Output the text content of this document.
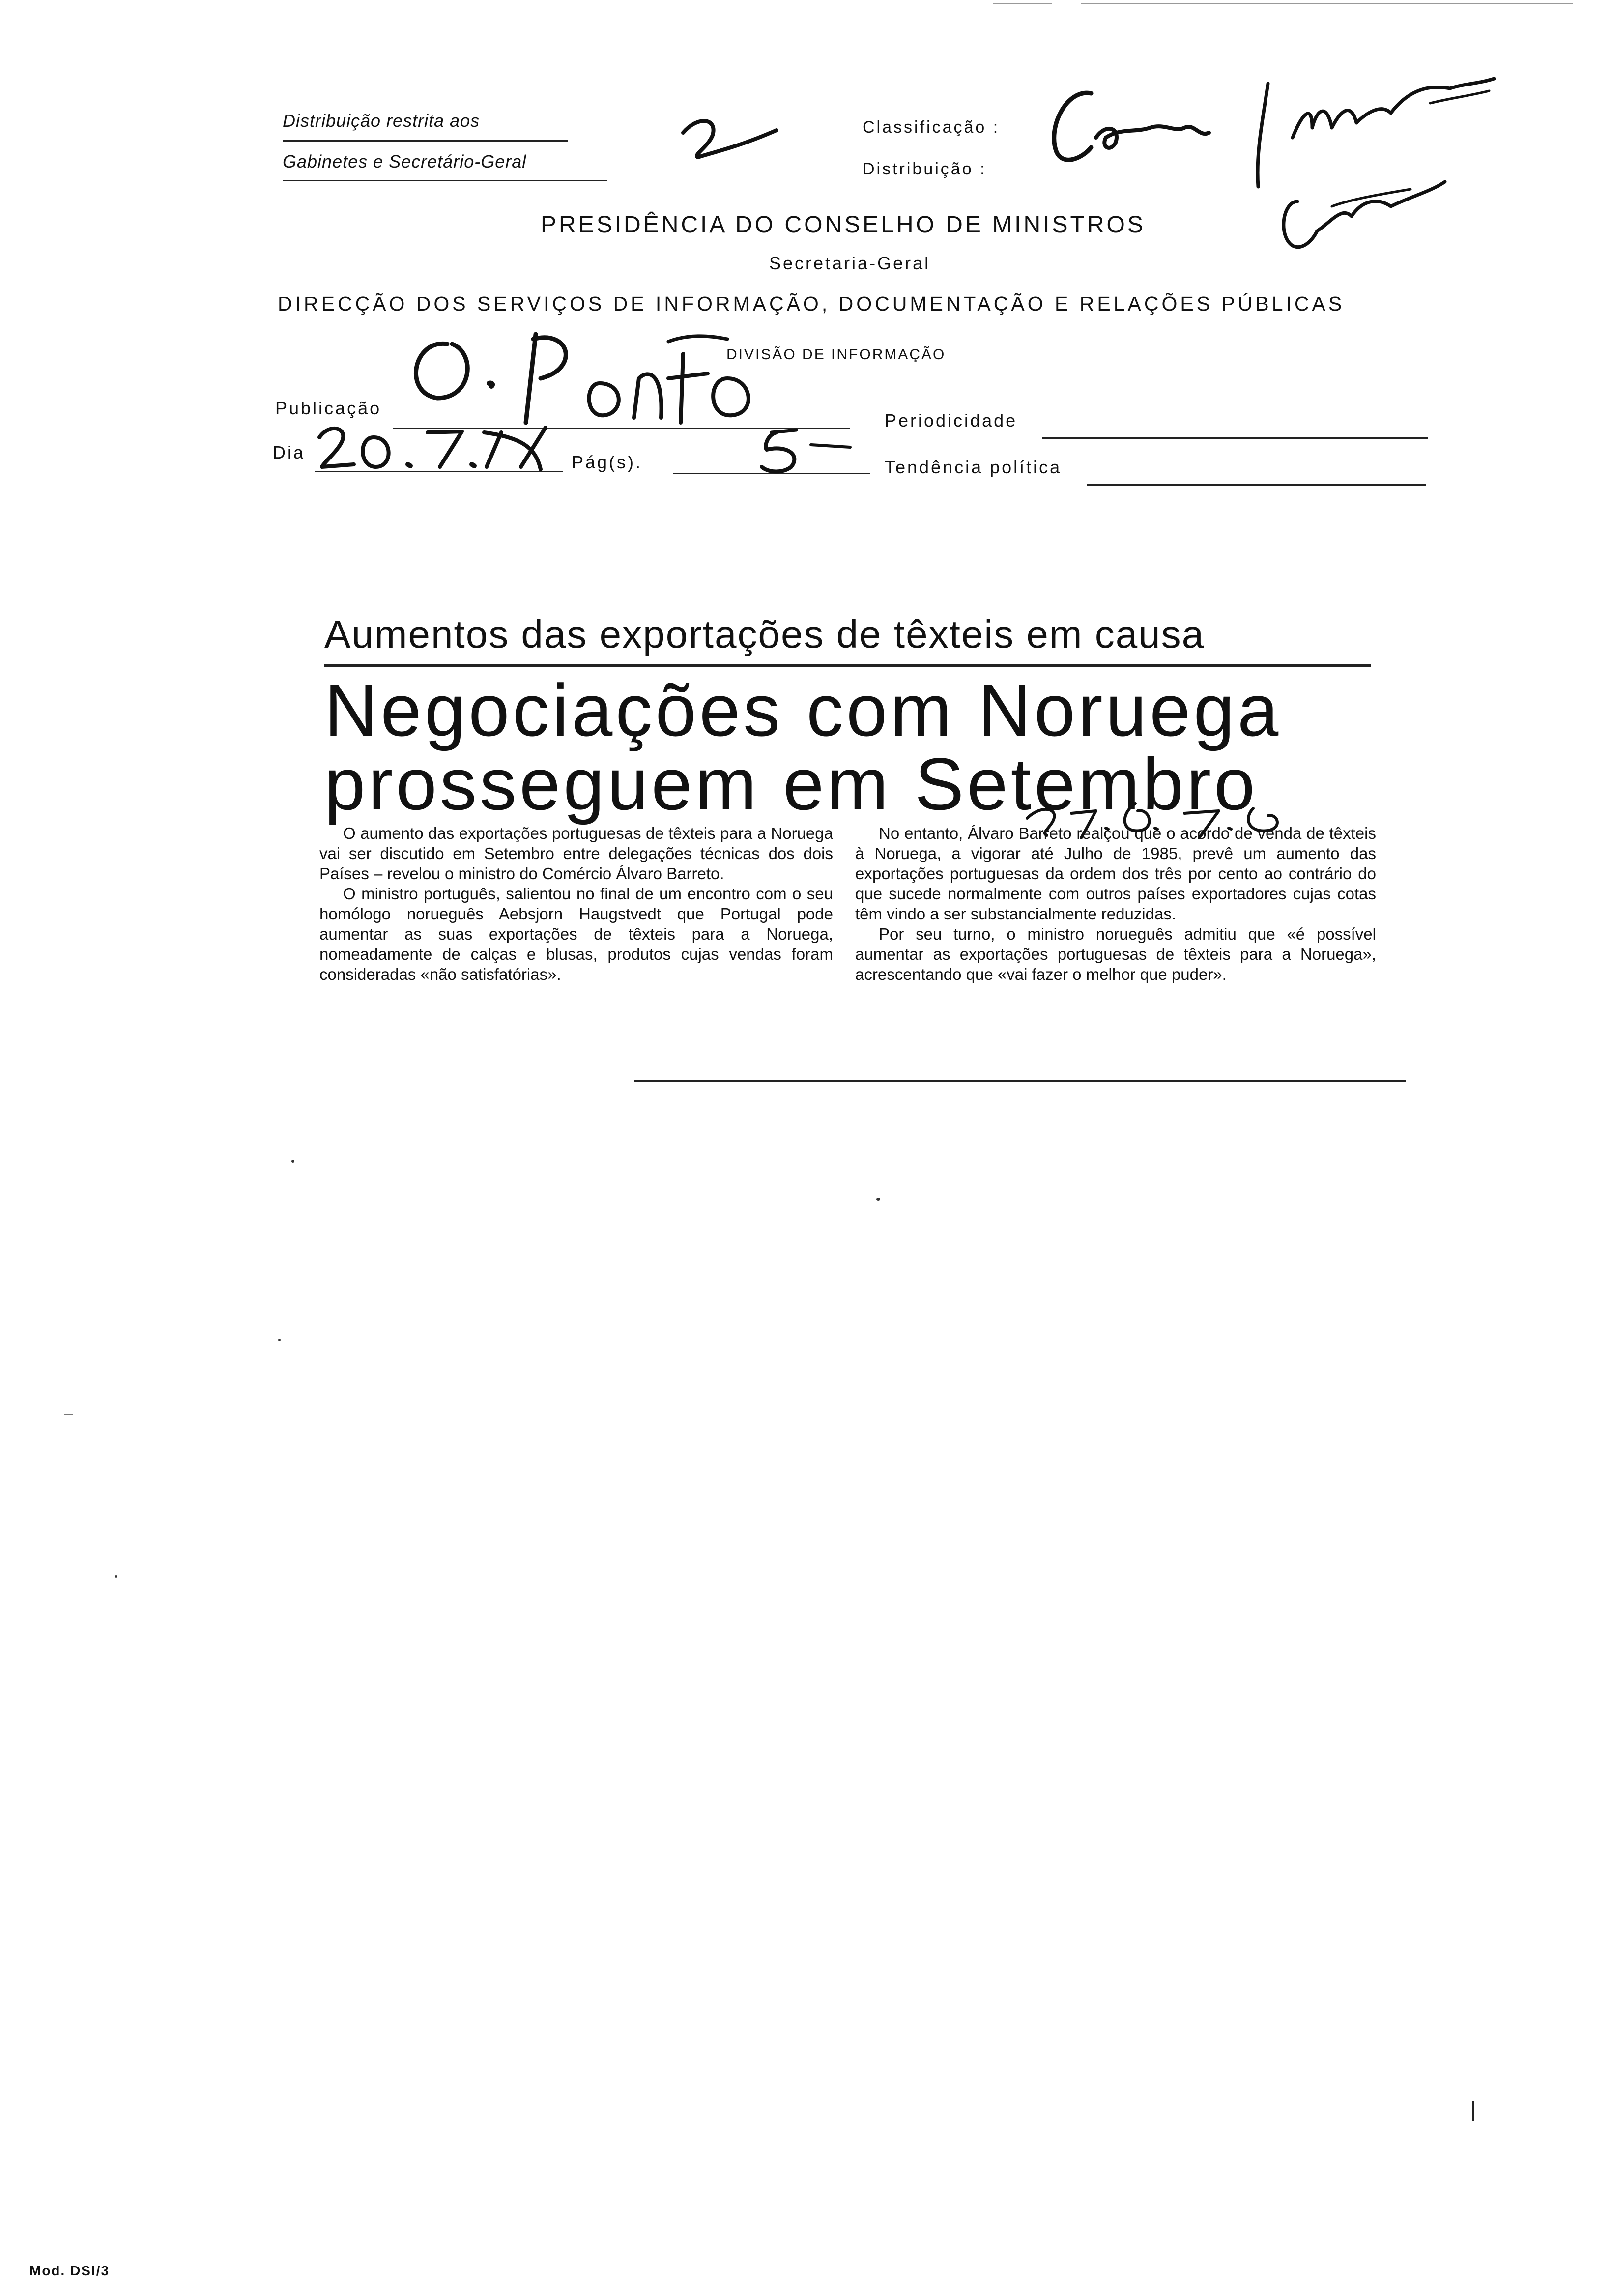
Distribuição restrita aos
Gabinetes e Secretário-Geral
Classificação :
Distribuição :
PRESIDÊNCIA DO CONSELHO DE MINISTROS
Secretaria-Geral
DIRECÇÃO DOS SERVIÇOS DE INFORMAÇÃO, DOCUMENTAÇÃO E RELAÇÕES PÚBLICAS
DIVISÃO DE INFORMAÇÃO
Publicação
Periodicidade
Dia	Pág(s).	Tendência política
Aumentos das exportações de têxteis em causa
Negociações com Noruega
prosseguem em Setembro

O aumento das exportações portuguesas de têxteis para a Noruega vai ser discutido em Setembro entre delegações técnicas dos dois Países – revelou o ministro do Comércio Álvaro Barreto.

O ministro português, salientou no final de um encontro com o seu homólogo norueguês Aebsjorn Haugstvedt que Portugal pode aumentar as suas exportações de têxteis para a Noruega, nomeadamente de calças e blusas, produtos cujas vendas foram consideradas «não satisfatórias».

No entanto, Álvaro Barreto realçou que o acordo de venda de têxteis à Noruega, a vigorar até Julho de 1985, prevê um aumento das exportações portuguesas da ordem dos três por cento ao contrário do que sucede normalmente com outros países exportadores cujas cotas têm vindo a ser substancialmente reduzidas.

Por seu turno, o ministro norueguês admitiu que «é possível aumentar as exportações portuguesas de têxteis para a Noruega», acrescentando que «vai fazer o melhor que puder».

Mod. DSI/3
